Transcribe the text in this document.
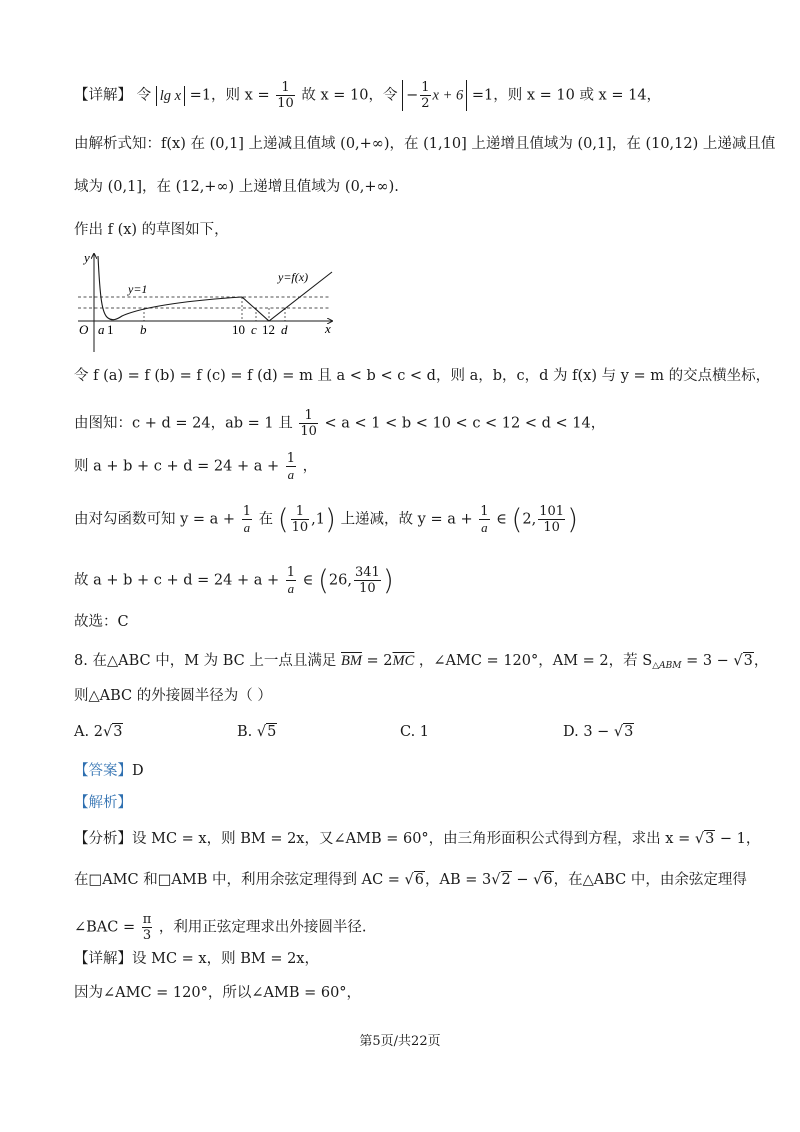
【详解】 令 lg x =1，则 $x = \frac{1}{10}$ 故 x = 10，令 − $\frac{1}{2}$ x + 6 =1，则 x = 10 或 x = 14，
由解析式知：f(x) 在 (0,1] 上递减且值域 (0,+∞)，在 (1,10] 上递增且值域为 (0,1]，在 (10,12) 上递减且值
域为 (0,1]，在 (12,+∞) 上递增且值域为 (0,+∞).
作出 f (x) 的草图如下，
y
x
O
y=1
y=f(x)
a 1 b	10 c 12 d
令 f (a) = f (b) = f (c) = f (d) = m 且 a < b < c < d，则 a，b，c，d 为 f(x) 与 y = m 的交点横坐标，
由图知：c + d = 24，ab = 1 且 $\frac{1}{10} < a < 1 < b < 10 < c < 12 < d < 14$，
则 $a + b + c + d = 24 + a + \frac{1}{a}$ ，
由对勾函数可知 $y = a + \frac{1}{a}$ 在 ( $\frac{1}{10} ,1$) 上递减，故 $y = a + \frac{1}{a}$ ∈ (2, $\frac{101}{10}$ )
故 $a + b + c + d = 24 + a + \frac{1}{a}$ ∈ (26, $\frac{341}{10}$ )
故选：C
8. 在△ABC 中，M 为 BC 上一点且满足 $\overline{BM} = 2\overline{MC}$ ，∠AMC = 120°，AM = 2，若 $S_{\triangle ABM} = 3 - √3$，
则△ABC 的外接圆半径为（ ）
A. 2√3	B. √5	C. 1	D. 3 − √3
【答案】D
【解析】
【分析】设 MC = x，则 BM = 2x，又∠AMB = 60°，由三角形面积公式得到方程，求出 x = √3 − 1，
在□AMC 和□AMB 中，利用余弦定理得到 AC = √6，AB = 3√2 − √6，在△ABC 中，由余弦定理得
∠BAC = $\frac{\pi}{3}$ ，利用正弦定理求出外接圆半径.
【详解】设 MC = x，则 BM = 2x，
因为∠AMC = 120°，所以∠AMB = 60°，
第5页/共22页
